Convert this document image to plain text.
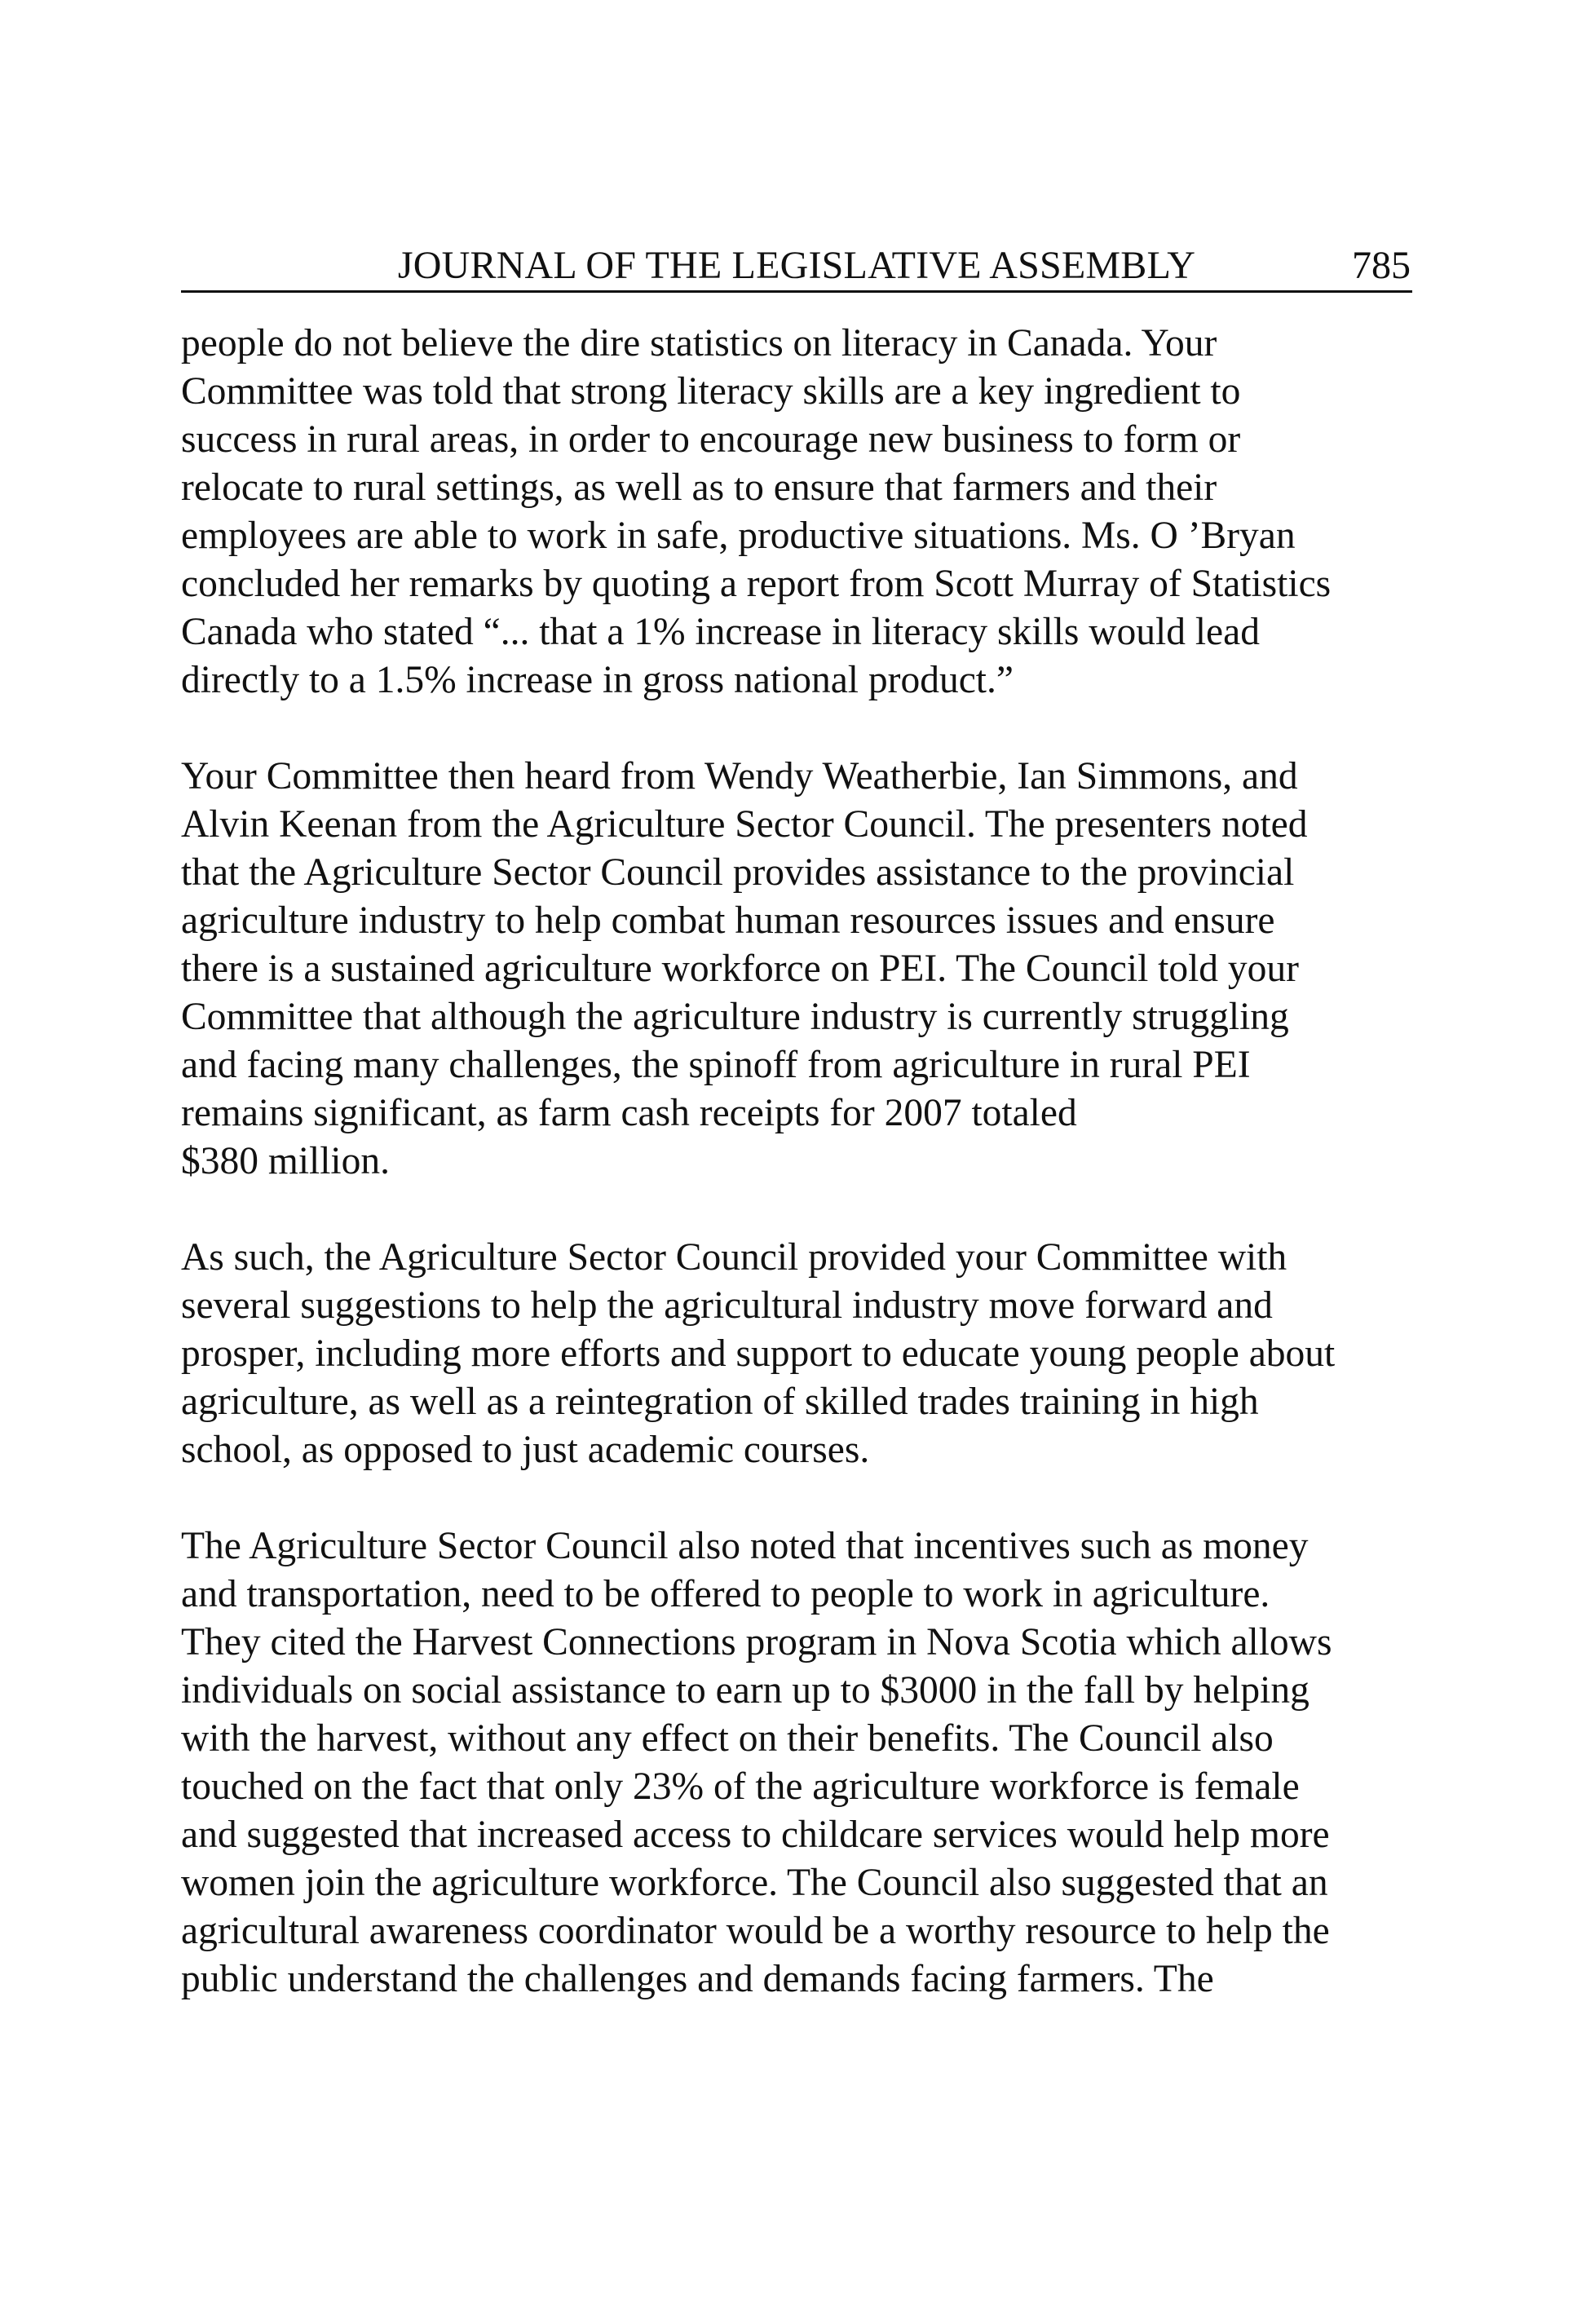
JOURNAL OF THE LEGISLATIVE ASSEMBLY	785

people do not believe the dire statistics on literacy in Canada. Your
Committee was told that strong literacy skills are a key ingredient to
success in rural areas, in order to encourage new business to form or
relocate to rural settings, as well as to ensure that farmers and their
employees are able to work in safe, productive situations. Ms. O ’Bryan
concluded her remarks by quoting a report from Scott Murray of Statistics
Canada who stated “... that a 1% increase in literacy skills would lead
directly to a 1.5% increase in gross national product.”

Your Committee then heard from Wendy Weatherbie, Ian Simmons, and
Alvin Keenan from the Agriculture Sector Council. The presenters noted
that the Agriculture Sector Council provides assistance to the provincial
agriculture industry to help combat human resources issues and ensure
there is a sustained agriculture workforce on PEI. The Council told your
Committee that although the agriculture industry is currently struggling
and facing many challenges, the spinoff from agriculture in rural PEI
remains significant, as farm cash receipts for 2007 totaled
$380 million.

As such, the Agriculture Sector Council provided your Committee with
several suggestions to help the agricultural industry move forward and
prosper, including more efforts and support to educate young people about
agriculture, as well as a reintegration of skilled trades training in high
school, as opposed to just academic courses.

The Agriculture Sector Council also noted that incentives such as money
and transportation, need to be offered to people to work in agriculture.
They cited the Harvest Connections program in Nova Scotia which allows
individuals on social assistance to earn up to $3000 in the fall by helping
with the harvest, without any effect on their benefits. The Council also
touched on the fact that only 23% of the agriculture workforce is female
and suggested that increased access to childcare services would help more
women join the agriculture workforce. The Council also suggested that an
agricultural awareness coordinator would be a worthy resource to help the
public understand the challenges and demands facing farmers. The
